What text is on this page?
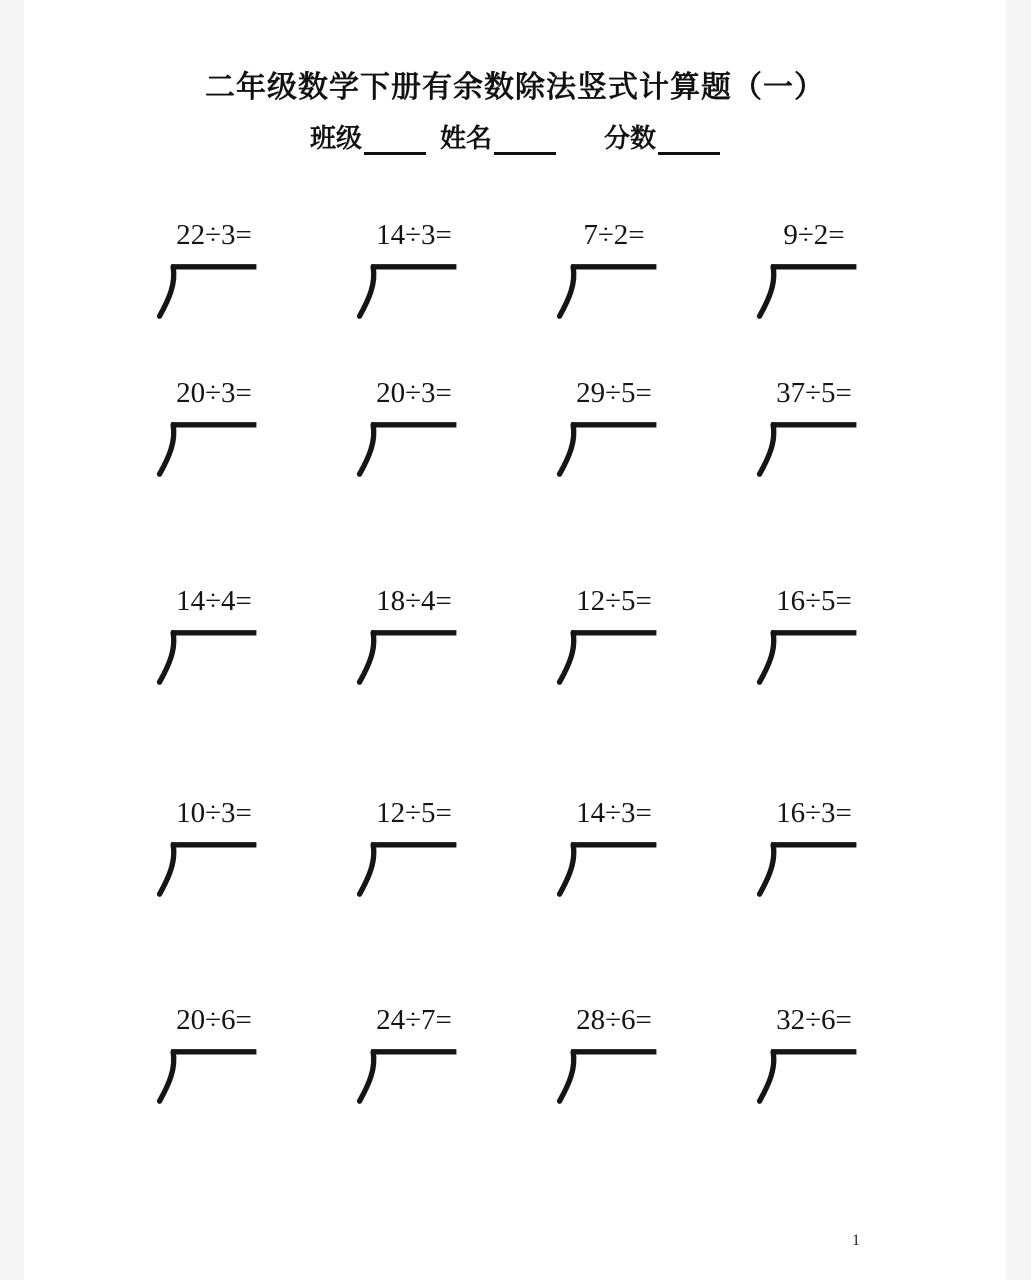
二年级数学下册有余数除法竖式计算题（一）
班级	姓名	分数
22÷3=	14÷3=	7÷2=	9÷2=
20÷3=	20÷3=	29÷5=	37÷5=
14÷4=	18÷4=	12÷5=	16÷5=
10÷3=	12÷5=	14÷3=	16÷3=
20÷6=	24÷7=	28÷6=	32÷6=
1
